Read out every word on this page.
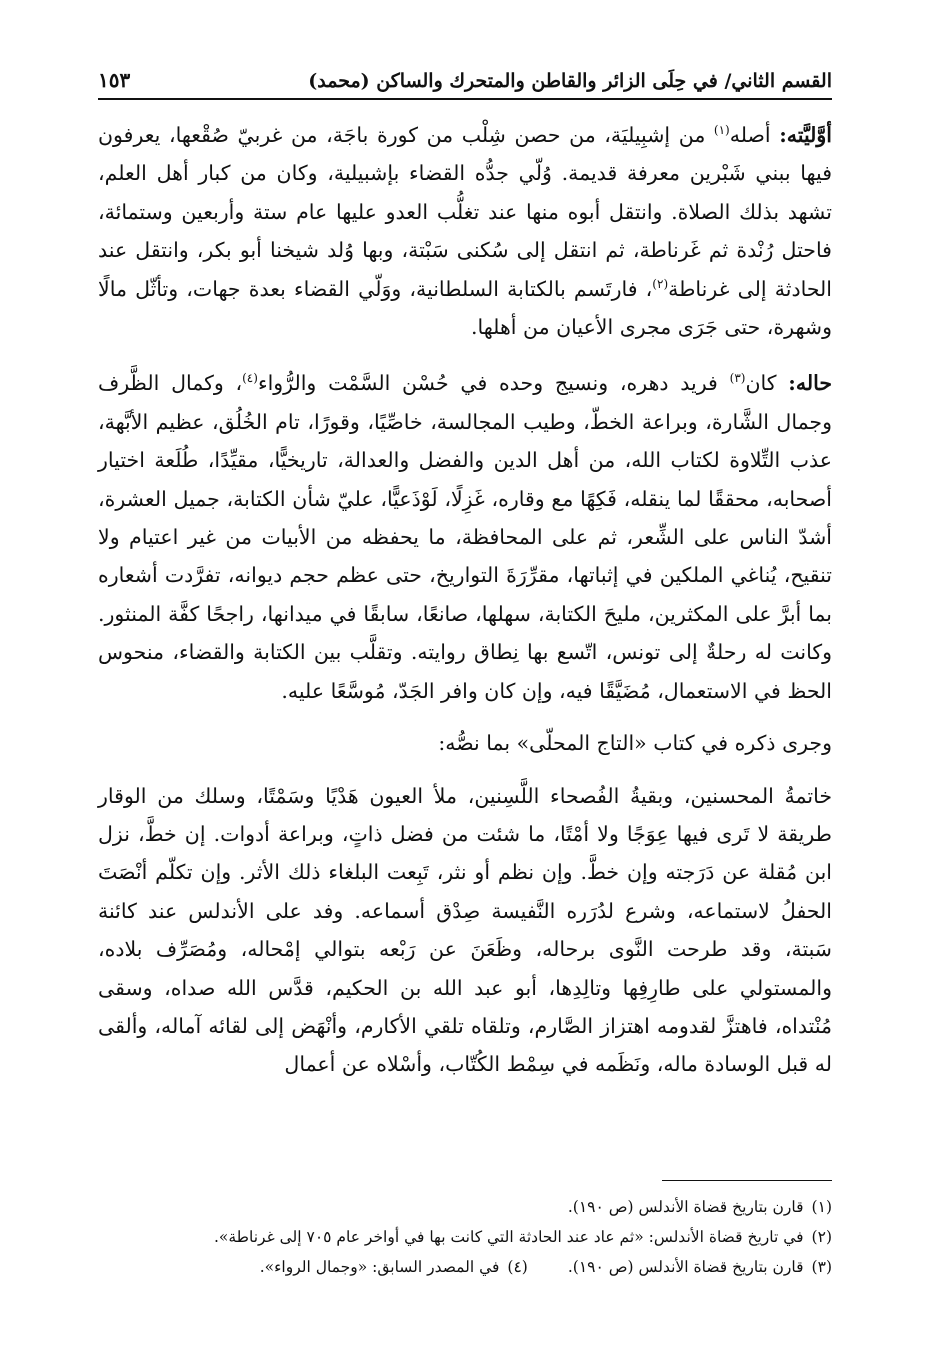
القسم الثاني/ في حِلَى الزائر والقاطن والمتحرك والساكن (محمد)
١٥٣

أوَّليَّته: أصله$^{(١)}$ من إشبِيليَة، من حصن شِلْب من كورة باجَة، من غربيّ صُقْعها، يعرفون فيها ببني شَبْرين معرفة قديمة. وُلّي جدُّه القضاء بإشبيلية، وكان من كبار أهل العلم، تشهد بذلك الصلاة. وانتقل أبوه منها عند تغلُّب العدو عليها عام ستة وأربعين وستمائة، فاحتل رُنْدة ثم غَرناطة، ثم انتقل إلى سُكنى سَبْتة، وبها وُلد شيخنا أبو بكر، وانتقل عند الحادثة إلى غرناطة$^{(٢)}$، فارتَسم بالكتابة السلطانية، ووَلّي القضاء بعدة جهات، وتأثّل مالًا وشهرة، حتى جَرَى مجرى الأعيان من أهلها.

حاله: كان$^{(٣)}$ فريد دهره، ونسيج وحده في حُسْن السَّمْت والرُّواء$^{(٤)}$، وكمال الظَّرف وجمال الشَّارة، وبراعة الخطّ، وطيب المجالسة، خاصِّيًا، وقورًا، تام الخُلُق، عظيم الأبَّهة، عذب التِّلاوة لكتاب الله، من أهل الدين والفضل والعدالة، تاريخيًّا، مقيِّدًا، طُلَعة اختيار أصحابه، محققًا لما ينقله، فَكِهًا مع وقاره، غَزِلًا، لَوْذَعيًّا، عليّ شأن الكتابة، جميل العشرة، أشدّ الناس على الشِّعر، ثم على المحافظة، ما يحفظه من الأبيات من غير اعتيام ولا تنقيح، يُناغي الملكين في إثباتها، مقرِّرَةَ التواريخ، حتى عظم حجم ديوانه، تفرَّدت أشعاره بما أبرَّ على المكثرين، مليحَ الكتابة، سهلها، صانعًا، سابقًا في ميدانها، راجحًا كفَّة المنثور. وكانت له رحلةٌ إلى تونس، اتّسع بها نِطاق روايته. وتقلَّب بين الكتابة والقضاء، منحوس الحظ في الاستعمال، مُضَيَّقًا فيه، وإن كان وافر الجَدّ، مُوسَّعًا عليه.

وجرى ذكره في كتاب «التاج المحلّى» بما نصُّه:

خاتمةُ المحسنين، وبقيةُ الفُصحاء اللَّسِنين، ملأ العيون هَدْيًا وسَمْتًا، وسلك من الوقار طريقة لا تَرى فيها عِوَجًا ولا أمْتًا، ما شئت من فضل ذاتٍ، وبراعة أدوات. إن خطَّ، نزل ابن مُقلة عن دَرَجته وإن خطَّ. وإن نظم أو نثر، تَبِعت البلغاء ذلك الأثر. وإن تكلّم أنْصَتَ الحفلُ لاستماعه، وشرع لدُرَره النَّفيسة صِدْق أسماعه. وفد على الأندلس عند كائنة سَبتة، وقد طرحت النَّوى برحاله، وظَعَنَ عن رَبْعه بتوالي إمْحاله، ومُصَرِّف بلاده، والمستولي على طارِفِها وتالِدِها، أبو عبد الله بن الحكيم، قدَّس الله صداه، وسقى مُنْتداه، فاهتزَّ لقدومه اهتزاز الصَّارم، وتلقاه تلقي الأكارم، وأنْهَض إلى لقائه آماله، وألقى له قبل الوسادة ماله، ونَظَمه في سِمْط الكُتّاب، وأسْلاه عن أعمال

(١)
قارن بتاريخ قضاة الأندلس (ص ١٩٠).
(٢)
في تاريخ قضاة الأندلس: «ثم عاد عند الحادثة التي كانت بها في أواخر عام ٧٠٥ إلى غرناطة».
(٣)
قارن بتاريخ قضاة الأندلس (ص ١٩٠).
(٤)
في المصدر السابق: «وجمال الرواء».
